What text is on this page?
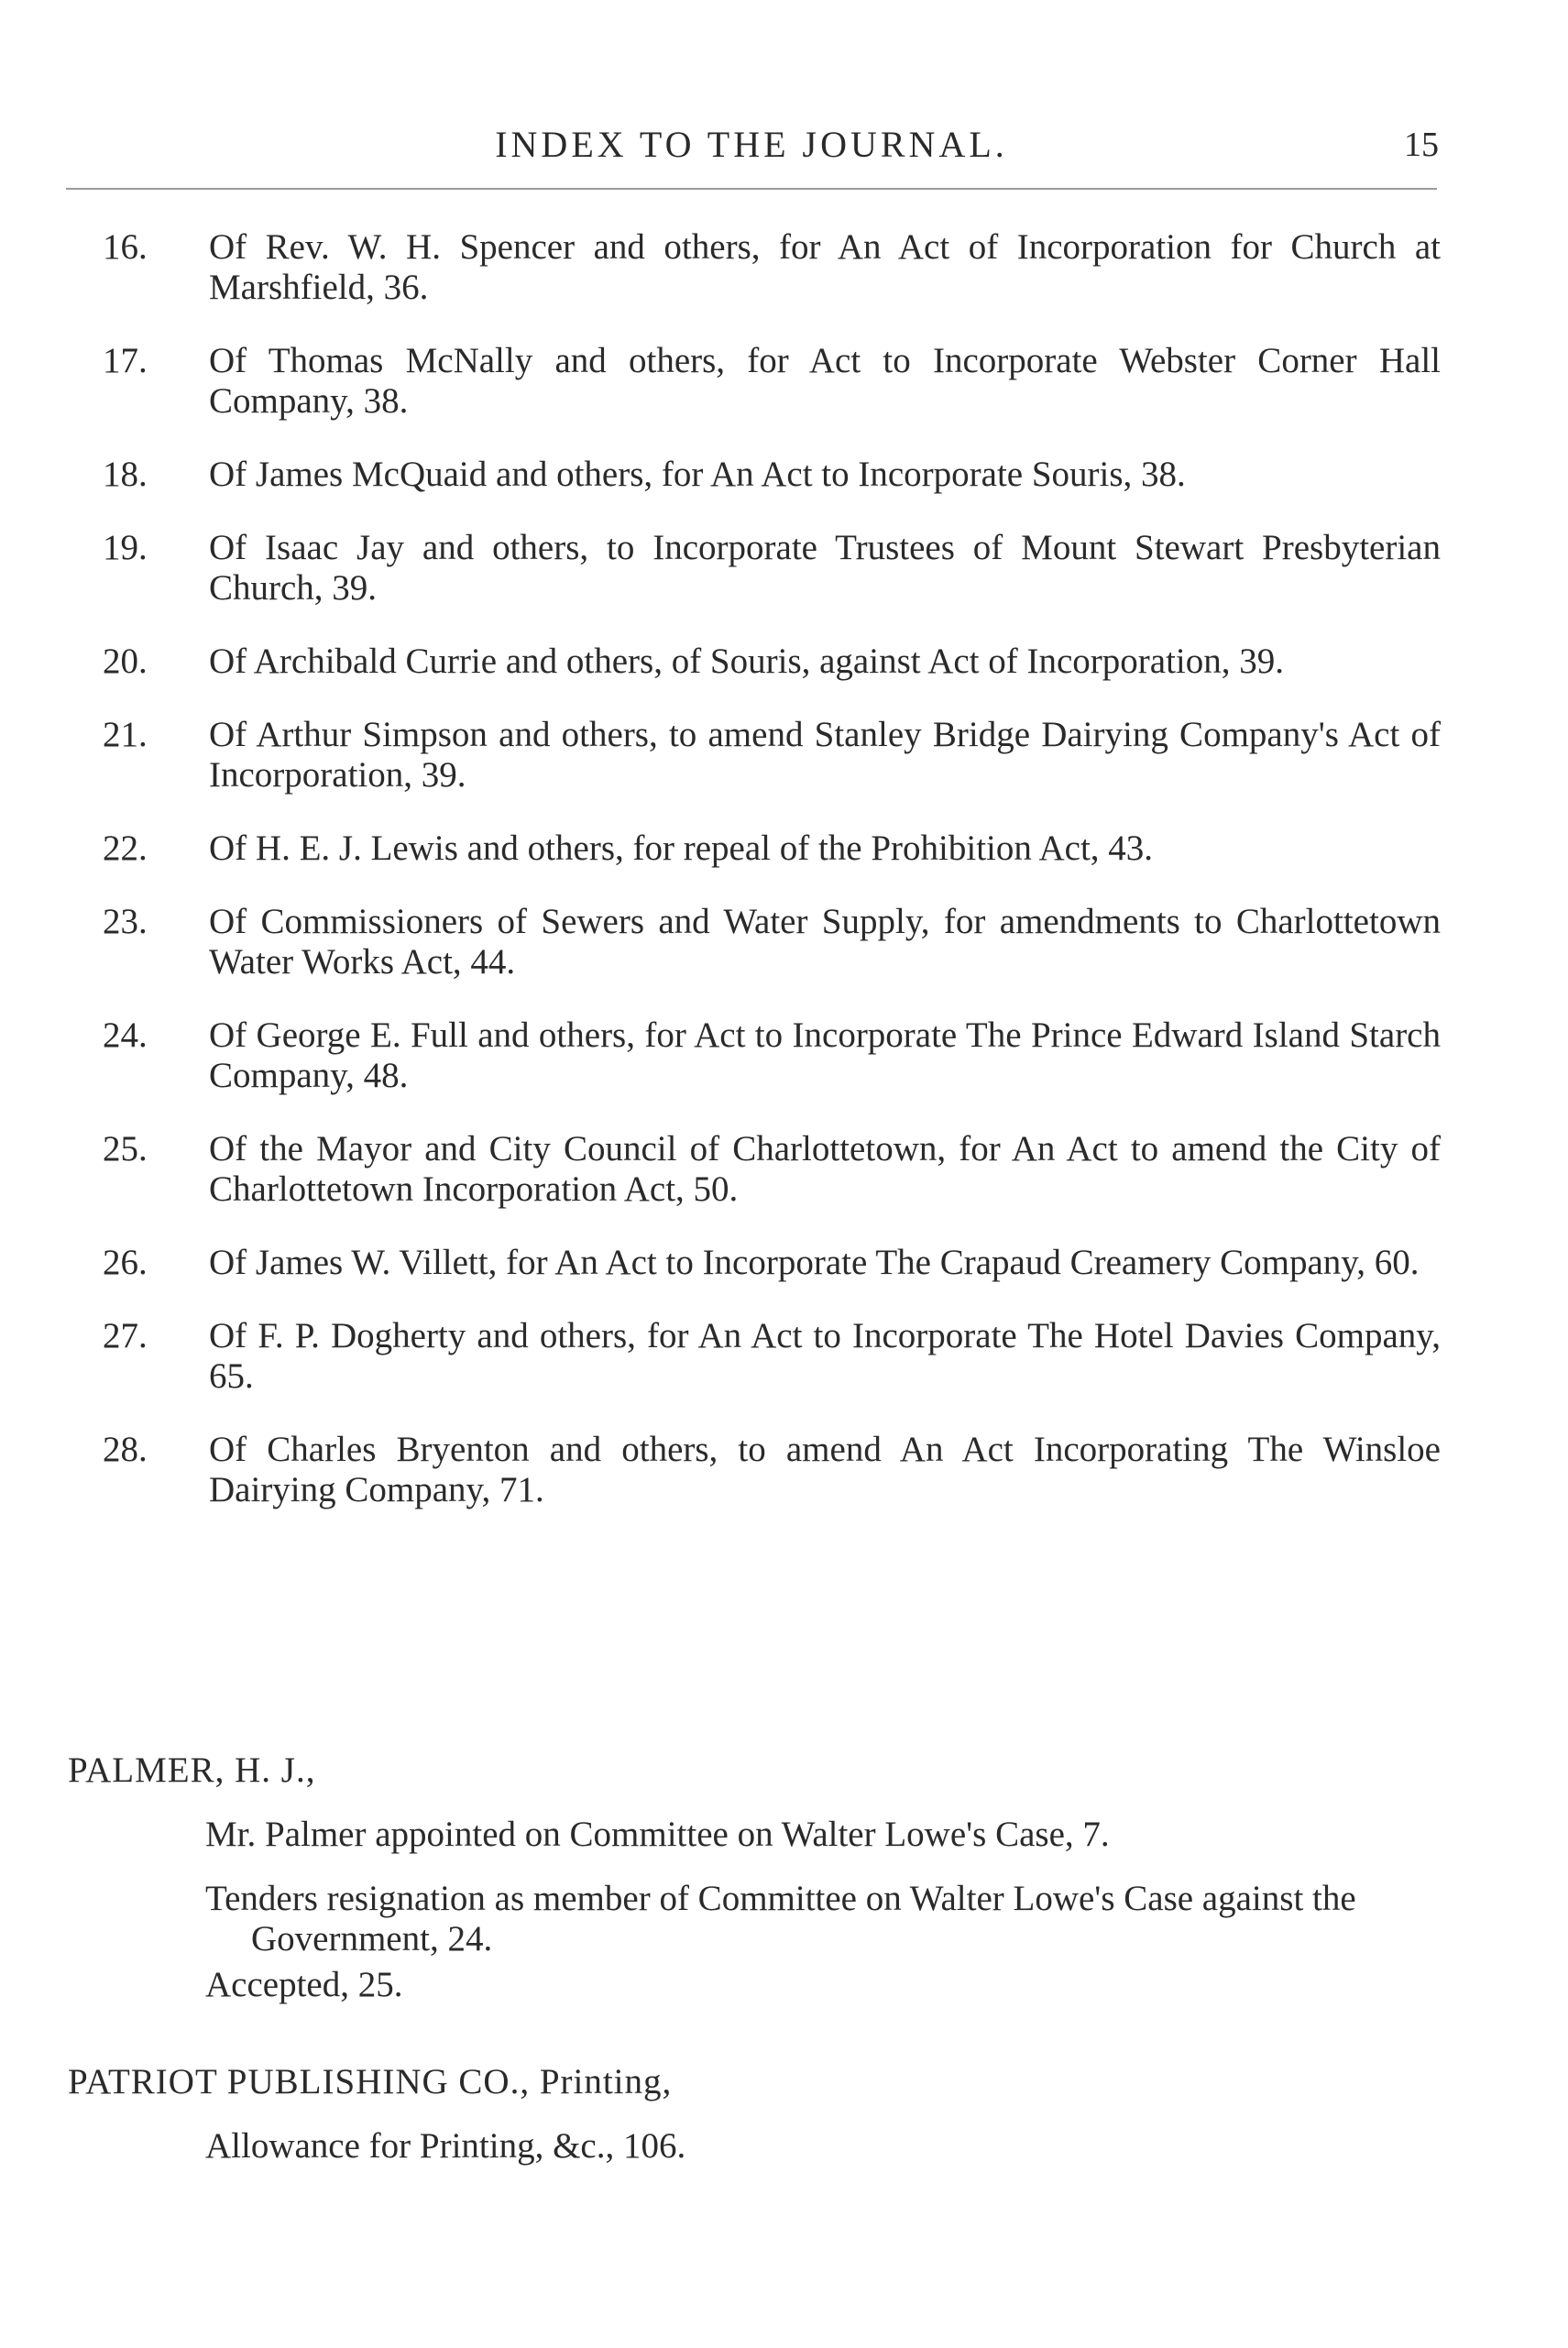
INDEX TO THE JOURNAL.	15
16.	Of Rev. W. H. Spencer and others, for An Act of Incorporation for Church at Marshfield, 36.
17.	Of Thomas McNally and others, for Act to Incorporate Webster Corner Hall Company, 38.
18.	Of James McQuaid and others, for An Act to Incorporate Souris, 38.
19.	Of Isaac Jay and others, to Incorporate Trustees of Mount Stewart Presbyterian Church, 39.
20.	Of Archibald Currie and others, of Souris, against Act of Incorporation, 39.
21.	Of Arthur Simpson and others, to amend Stanley Bridge Dairying Company's Act of Incorporation, 39.
22.	Of H. E. J. Lewis and others, for repeal of the Prohibition Act, 43.
23.	Of Commissioners of Sewers and Water Supply, for amendments to Charlottetown Water Works Act, 44.
24.	Of George E. Full and others, for Act to Incorporate The Prince Edward Island Starch Company, 48.
25.	Of the Mayor and City Council of Charlottetown, for An Act to amend the City of Charlottetown Incorporation Act, 50.
26.	Of James W. Villett, for An Act to Incorporate The Crapaud Creamery Company, 60.
27.	Of F. P. Dogherty and others, for An Act to Incorporate The Hotel Davies Company, 65.
28.	Of Charles Bryenton and others, to amend An Act Incorporating The Winsloe Dairying Company, 71.
PALMER, H. J.,
Mr. Palmer appointed on Committee on Walter Lowe's Case, 7.
Tenders resignation as member of Committee on Walter Lowe's Case against the Government, 24.
Accepted, 25.
PATRIOT PUBLISHING CO., Printing,
Allowance for Printing, &c., 106.
